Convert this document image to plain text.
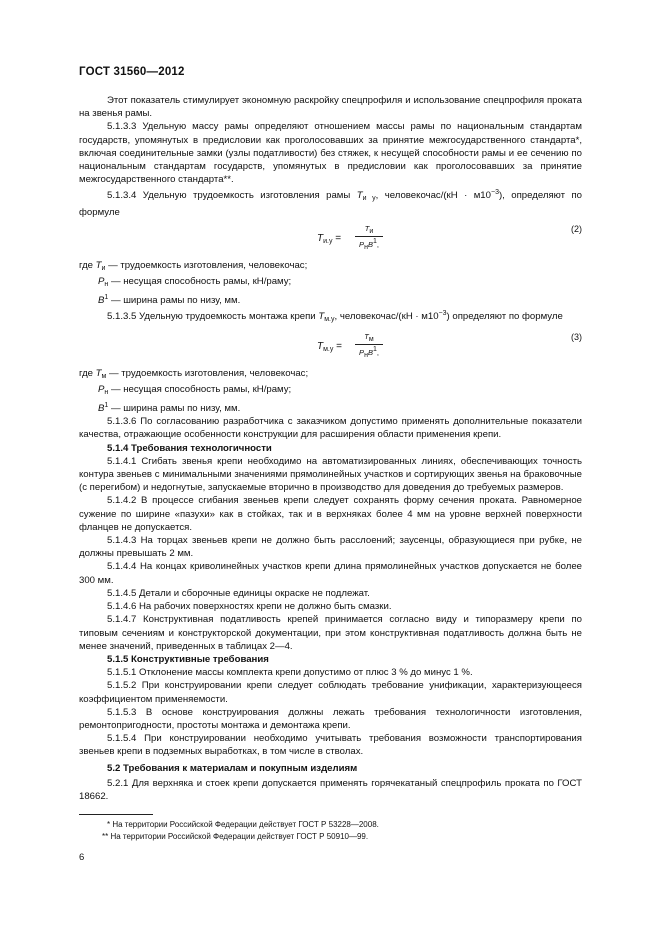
ГОСТ 31560—2012

Этот показатель стимулирует экономную раскройку спецпрофиля и использование спецпрофиля проката на звенья рамы.

5.1.3.3 Удельную массу рамы определяют отношением массы рамы по национальным стандартам государств, упомянутых в предисловии как проголосовавших за принятие межгосударственного стандарта*, включая соединительные замки (узлы податливости) без стяжек, к несущей способности рамы и ее сечению по национальным стандартам государств, упомянутых в предисловии как проголосовавших за принятие межгосударственного стандарта**.

5.1.3.4 Удельную трудоемкость изготовления рамы $Т_{и у}$, человекочас/(кН · $м10^{-3}$), определяют по формуле

$Т_{и.у}$ =
Ти
РнВ1,
(2)

где $Т_и$ — трудоемкость изготовления, человекочас;

$Р_н$ — несущая способность рамы, кН/раму;

$В^1$ — ширина рамы по низу, мм.

5.1.3.5 Удельную трудоемкость монтажа крепи $Т_{м.у}$, человекочас/(кН · $м10^{-3}$) определяют по формуле

$Т_{м.у}$ =
Тм
РнВ1,
(3)

где $Т_м$ — трудоемкость изготовления, человекочас;

$Р_н$ — несущая способность рамы, кН/раму;

$В^1$ — ширина рамы по низу, мм.

5.1.3.6 По согласованию разработчика с заказчиком допустимо применять дополнительные показатели качества, отражающие особенности конструкции для расширения области применения крепи.

5.1.4 Требования технологичности

5.1.4.1 Сгибать звенья крепи необходимо на автоматизированных линиях, обеспечивающих точность контура звеньев с минимальными значениями прямолинейных участков и сортирующих звенья на браковочные (с перегибом) и недогнутые, запускаемые вторично в производство для доведения до требуемых размеров.

5.1.4.2 В процессе сгибания звеньев крепи следует сохранять форму сечения проката. Равномерное сужение по ширине «пазухи» как в стойках, так и в верхняках более 4 мм на уровне верхней поверхности фланцев не допускается.

5.1.4.3 На торцах звеньев крепи не должно быть расслоений; заусенцы, образующиеся при рубке, не должны превышать 2 мм.

5.1.4.4 На концах криволинейных участков крепи длина прямолинейных участков допускается не более 300 мм.

5.1.4.5 Детали и сборочные единицы окраске не подлежат.

5.1.4.6 На рабочих поверхностях крепи не должно быть смазки.

5.1.4.7 Конструктивная податливость крепей принимается согласно виду и типоразмеру крепи по типовым сечениям и конструкторской документации, при этом конструктивная податливость должна быть не менее значений, приведенных в таблицах 2—4.

5.1.5 Конструктивные требования

5.1.5.1 Отклонение массы комплекта крепи допустимо от плюс 3 % до минус 1 %.

5.1.5.2 При конструировании крепи следует соблюдать требование унификации, характеризующееся коэффициентом применяемости.

5.1.5.3 В основе конструирования должны лежать требования технологичности изготовления, ремонтопригодности, простоты монтажа и демонтажа крепи.

5.1.5.4 При конструировании необходимо учитывать требования возможности транспортирования звеньев крепи в подземных выработках, в том числе в стволах.

5.2 Требования к материалам и покупным изделиям

5.2.1 Для верхняка и стоек крепи допускается применять горячекатаный спецпрофиль проката по ГОСТ 18662.

* На территории Российской Федерации действует ГОСТ Р 53228—2008.

** На территории Российской Федерации действует ГОСТ Р 50910—99.

6
